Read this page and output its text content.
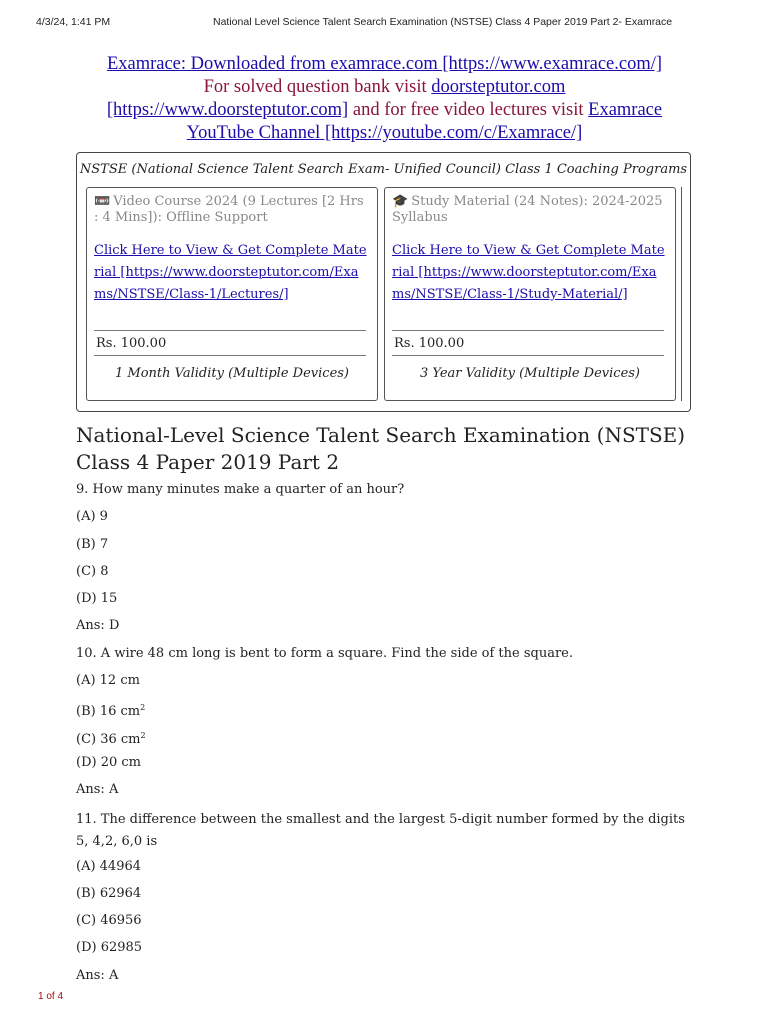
4/3/24, 1:41 PM	National Level Science Talent Search Examination (NSTSE) Class 4 Paper 2019 Part 2- Examrace
Examrace: Downloaded from examrace.com [https://www.examrace.com/]
For solved question bank visit doorsteptutor.com
[https://www.doorsteptutor.com] and for free video lectures visit Examrace
YouTube Channel [https://youtube.com/c/Examrace/]
NSTSE (National Science Talent Search Exam- Unified Council) Class 1 Coaching Programs
📼 Video Course 2024 (9 Lectures [2 Hrs : 4 Mins]): Offline Support
Click Here to View & Get Complete Material [https://www.doorsteptutor.com/Exams/NSTSE/Class-1/Lectures/]
Rs. 100.00
1 Month Validity (Multiple Devices)
🎓 Study Material (24 Notes): 2024-2025 Syllabus
Click Here to View & Get Complete Material [https://www.doorsteptutor.com/Exams/NSTSE/Class-1/Study-Material/]
Rs. 100.00
3 Year Validity (Multiple Devices)
National-Level Science Talent Search Examination (NSTSE) Class 4 Paper 2019 Part 2

9. How many minutes make a quarter of an hour?

(A) 9

(B) 7

(C) 8

(D) 15

Ans: D

10. A wire 48 cm long is bent to form a square. Find the side of the square.

(A) 12 cm

(B) 16 $cm^2$

(C) 36 $cm^2$

(D) 20 cm

Ans: A

11. The difference between the smallest and the largest 5-digit number formed by the digits 5, 4,2, 6,0 is

(A) 44964

(B) 62964

(C) 46956

(D) 62985

Ans: A

1 of 4
